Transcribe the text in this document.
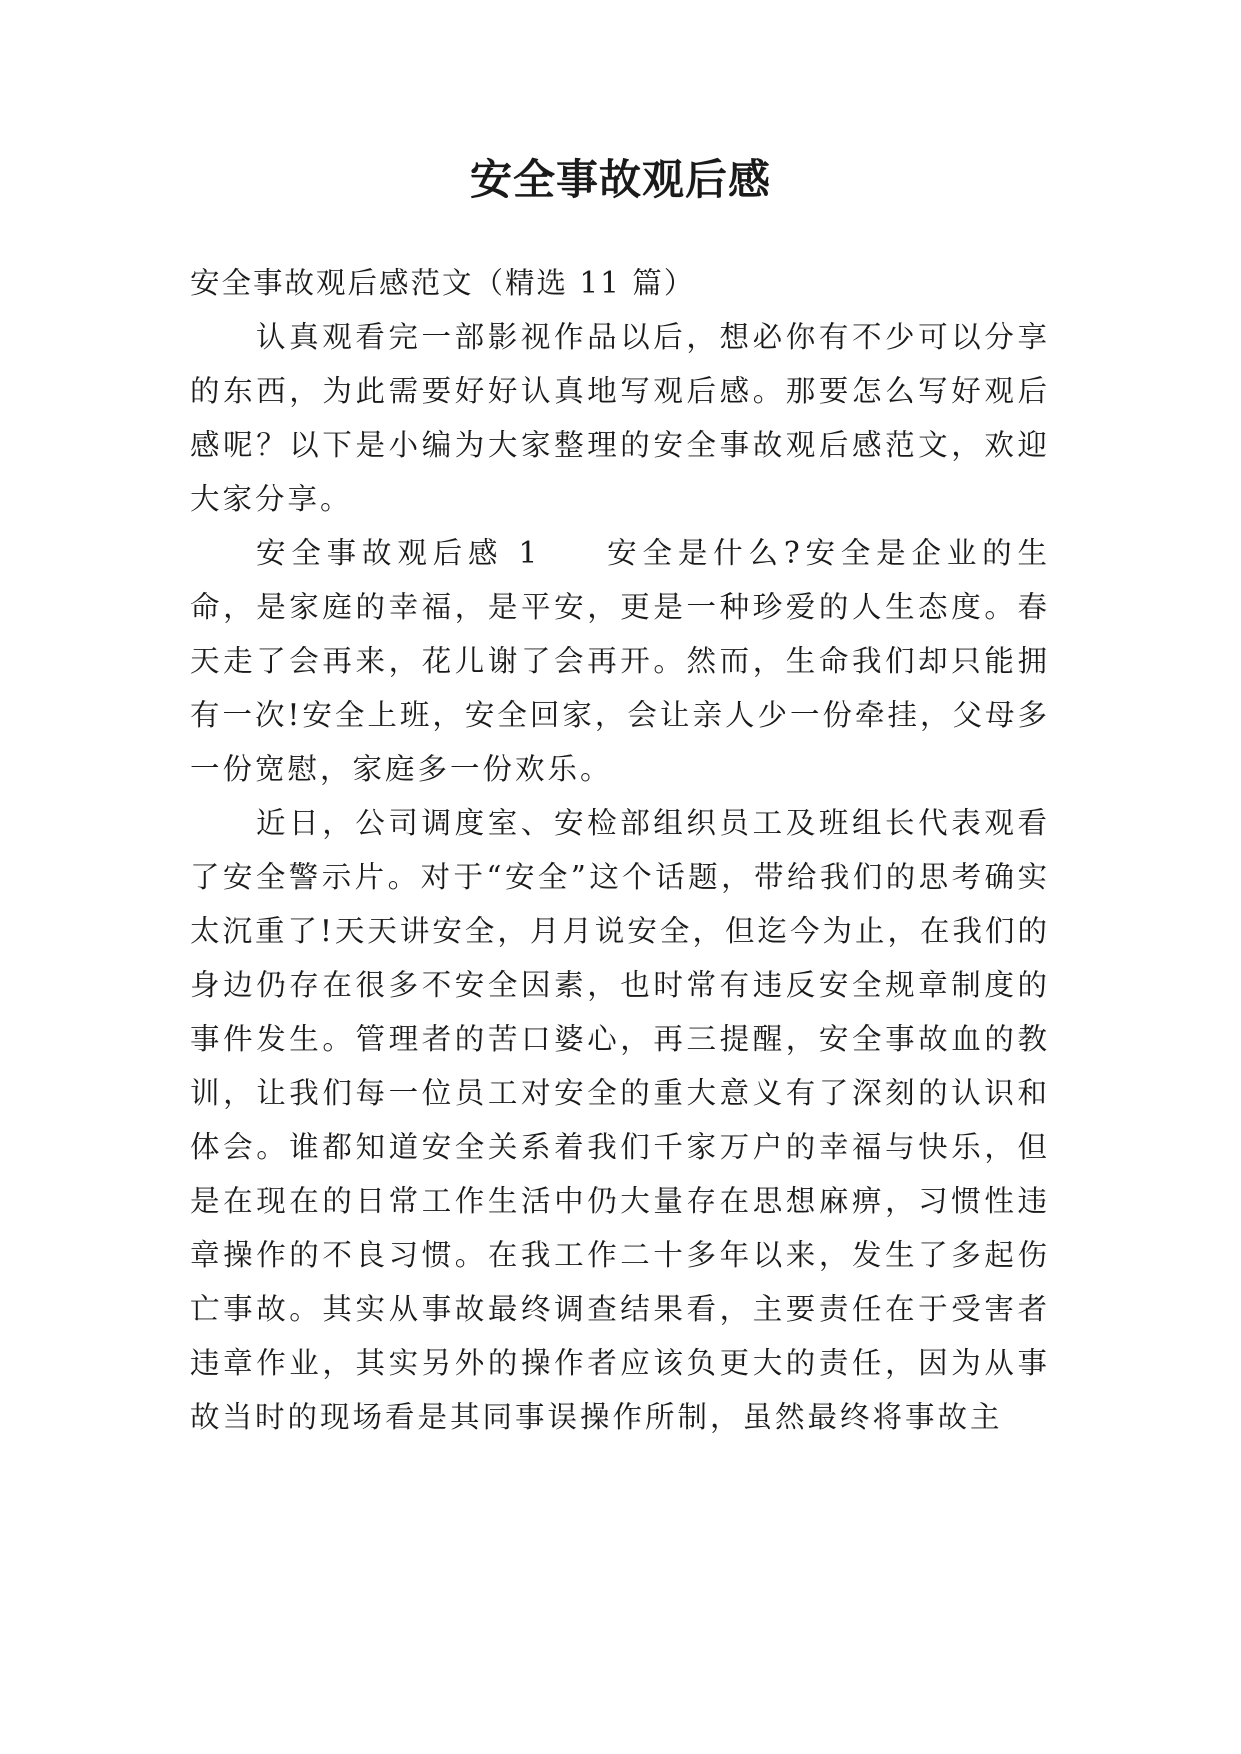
安全事故观后感

安全事故观后感范文（精选 11 篇）

认真观看完一部影视作品以后，想必你有不少可以分享的东西，为此需要好好认真地写观后感。那要怎么写好观后感呢？以下是小编为大家整理的安全事故观后感范文，欢迎大家分享。

安全事故观后感 1 安全是什么?安全是企业的生命，是家庭的幸福，是平安，更是一种珍爱的人生态度。春天走了会再来，花儿谢了会再开。然而，生命我们却只能拥有一次!安全上班，安全回家，会让亲人少一份牵挂，父母多一份宽慰，家庭多一份欢乐。

近日，公司调度室、安检部组织员工及班组长代表观看了安全警示片。对于“安全”这个话题，带给我们的思考确实太沉重了!天天讲安全，月月说安全，但迄今为止，在我们的身边仍存在很多不安全因素，也时常有违反安全规章制度的事件发生。管理者的苦口婆心，再三提醒，安全事故血的教训，让我们每一位员工对安全的重大意义有了深刻的认识和体会。谁都知道安全关系着我们千家万户的幸福与快乐，但是在现在的日常工作生活中仍大量存在思想麻痹，习惯性违章操作的不良习惯。在我工作二十多年以来，发生了多起伤亡事故。其实从事故最终调查结果看，主要责任在于受害者违章作业，其实另外的操作者应该负更大的责任，因为从事故当时的现场看是其同事误操作所制，虽然最终将事故主
